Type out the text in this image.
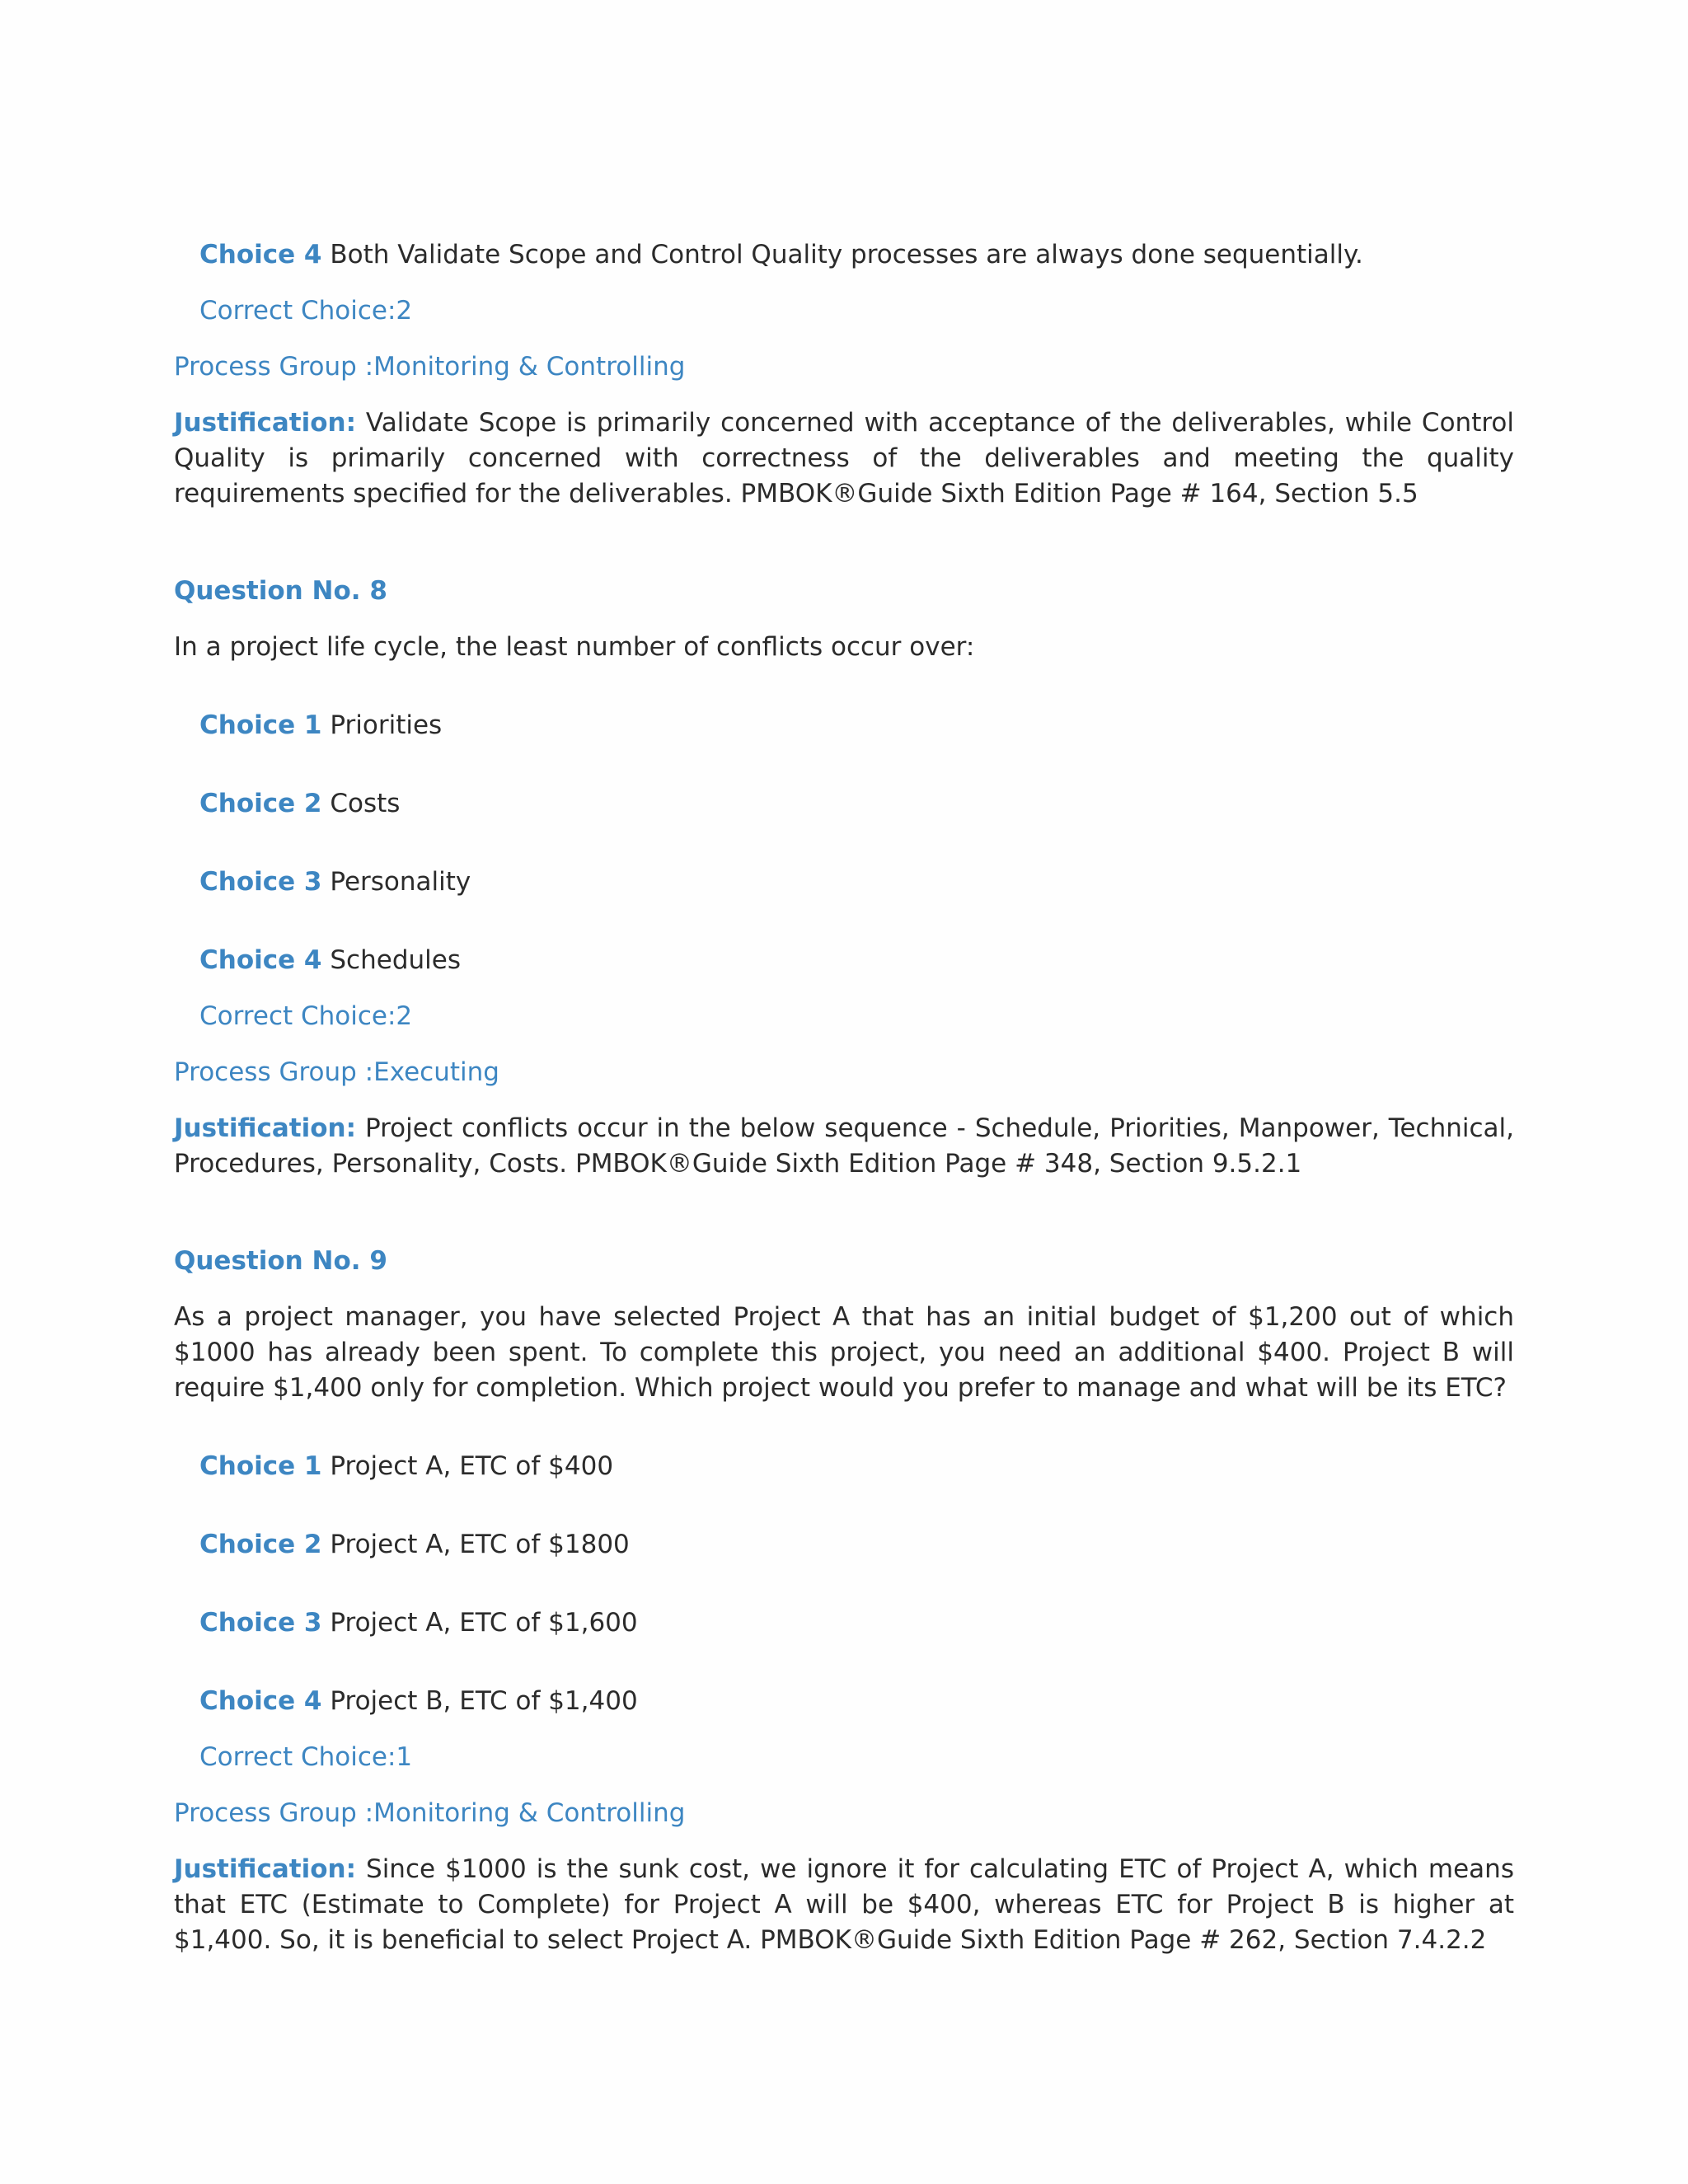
Choice 4 Both Validate Scope and Control Quality processes are always done sequentially.

Correct Choice:2

Process Group :Monitoring & Controlling

Justification: Validate Scope is primarily concerned with acceptance of the deliverables, while Control Quality is primarily concerned with correctness of the deliverables and meeting the quality requirements specified for the deliverables. PMBOK®Guide Sixth Edition Page # 164, Section 5.5

Question No. 8

In a project life cycle, the least number of conflicts occur over:

Choice 1 Priorities

Choice 2 Costs

Choice 3 Personality

Choice 4 Schedules

Correct Choice:2

Process Group :Executing

Justification: Project conflicts occur in the below sequence - Schedule, Priorities, Manpower, Technical, Procedures, Personality, Costs. PMBOK®Guide Sixth Edition Page # 348, Section 9.5.2.1

Question No. 9

As a project manager, you have selected Project A that has an initial budget of $1,200 out of which $1000 has already been spent. To complete this project, you need an additional $400. Project B will require $1,400 only for completion. Which project would you prefer to manage and what will be its ETC?

Choice 1 Project A, ETC of $400

Choice 2 Project A, ETC of $1800

Choice 3 Project A, ETC of $1,600

Choice 4 Project B, ETC of $1,400

Correct Choice:1

Process Group :Monitoring & Controlling

Justification: Since $1000 is the sunk cost, we ignore it for calculating ETC of Project A, which means that ETC (Estimate to Complete) for Project A will be $400, whereas ETC for Project B is higher at $1,400. So, it is beneficial to select Project A. PMBOK®Guide Sixth Edition Page # 262, Section 7.4.2.2
